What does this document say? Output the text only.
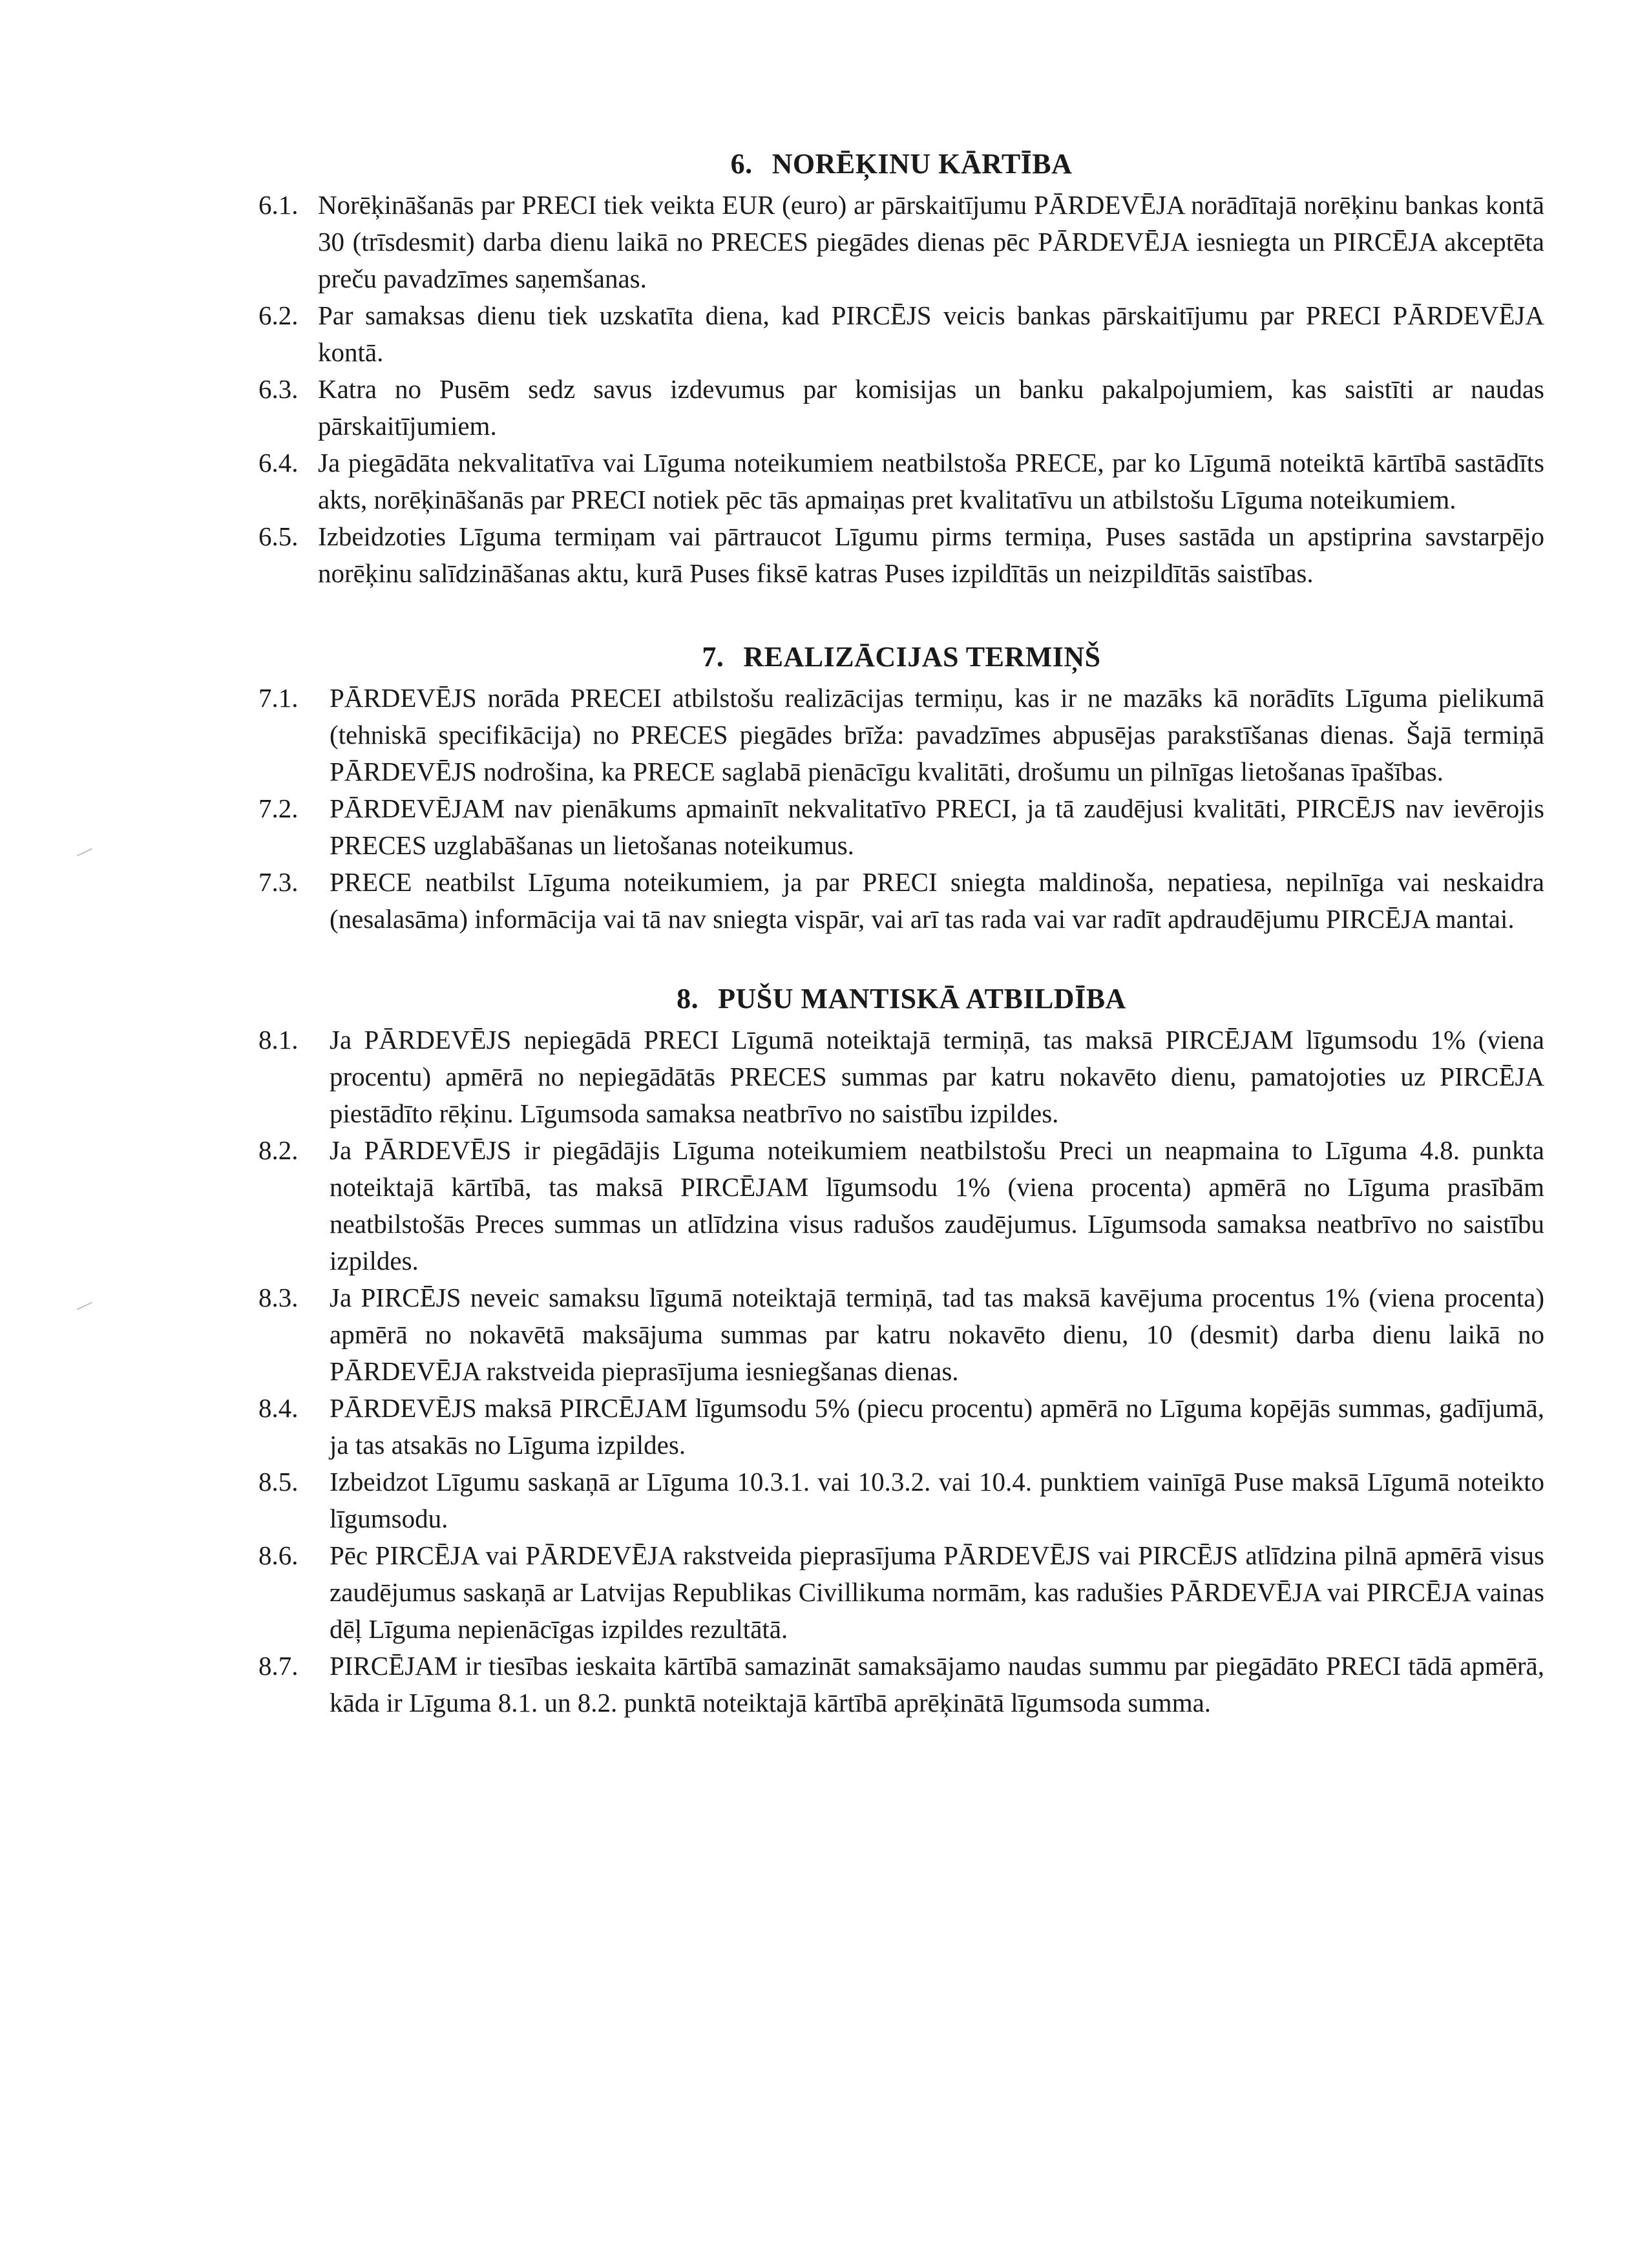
6. NORĒĶINU KĀRTĪBA
6.1. Norēķināšanās par PRECI tiek veikta EUR (euro) ar pārskaitījumu PĀRDEVĒJA norādītajā norēķinu bankas kontā 30 (trīsdesmit) darba dienu laikā no PRECES piegādes dienas pēc PĀRDEVĒJA iesniegta un PIRCĒJA akceptēta preču pavadzīmes saņemšanas.
6.2. Par samaksas dienu tiek uzskatīta diena, kad PIRCĒJS veicis bankas pārskaitījumu par PRECI PĀRDEVĒJA kontā.
6.3. Katra no Pusēm sedz savus izdevumus par komisijas un banku pakalpojumiem, kas saistīti ar naudas pārskaitījumiem.
6.4. Ja piegādāta nekvalitatīva vai Līguma noteikumiem neatbilstoša PRECE, par ko Līgumā noteiktā kārtībā sastādīts akts, norēķināšanās par PRECI notiek pēc tās apmaiņas pret kvalitatīvu un atbilstošu Līguma noteikumiem.
6.5. Izbeidzoties Līguma termiņam vai pārtraucot Līgumu pirms termiņa, Puses sastāda un apstiprina savstarpējo norēķinu salīdzināšanas aktu, kurā Puses fiksē katras Puses izpildītās un neizpildītās saistības.
7. REALIZĀCIJAS TERMIŅŠ
7.1.	PĀRDEVĒJS norāda PRECEI atbilstošu realizācijas termiņu, kas ir ne mazāks kā norādīts Līguma pielikumā (tehniskā specifikācija) no PRECES piegādes brīža: pavadzīmes abpusējas parakstīšanas dienas. Šajā termiņā PĀRDEVĒJS nodrošina, ka PRECE saglabā pienācīgu kvalitāti, drošumu un pilnīgas lietošanas īpašības.
7.2.	PĀRDEVĒJAM nav pienākums apmainīt nekvalitatīvo PRECI, ja tā zaudējusi kvalitāti, PIRCĒJS nav ievērojis PRECES uzglabāšanas un lietošanas noteikumus.
7.3.	PRECE neatbilst Līguma noteikumiem, ja par PRECI sniegta maldinoša, nepatiesa, nepilnīga vai neskaidra (nesalasāma) informācija vai tā nav sniegta vispār, vai arī tas rada vai var radīt apdraudējumu PIRCĒJA mantai.
8. PUŠU MANTISKĀ ATBILDĪBA
8.1.	Ja PĀRDEVĒJS nepiegādā PRECI Līgumā noteiktajā termiņā, tas maksā PIRCĒJAM līgumsodu 1% (viena procentu) apmērā no nepiegādātās PRECES summas par katru nokavēto dienu, pamatojoties uz PIRCĒJA piestādīto rēķinu. Līgumsoda samaksa neatbrīvo no saistību izpildes.
8.2.	Ja PĀRDEVĒJS ir piegādājis Līguma noteikumiem neatbilstošu Preci un neapmaina to Līguma 4.8. punkta noteiktajā kārtībā, tas maksā PIRCĒJAM līgumsodu 1% (viena procenta) apmērā no Līguma prasībām neatbilstošās Preces summas un atlīdzina visus radušos zaudējumus. Līgumsoda samaksa neatbrīvo no saistību izpildes.
8.3.	Ja PIRCĒJS neveic samaksu līgumā noteiktajā termiņā, tad tas maksā kavējuma procentus 1% (viena procenta) apmērā no nokavētā maksājuma summas par katru nokavēto dienu, 10 (desmit) darba dienu laikā no PĀRDEVĒJA rakstveida pieprasījuma iesniegšanas dienas.
8.4.	PĀRDEVĒJS maksā PIRCĒJAM līgumsodu 5% (piecu procentu) apmērā no Līguma kopējās summas, gadījumā, ja tas atsakās no Līguma izpildes.
8.5.	Izbeidzot Līgumu saskaņā ar Līguma 10.3.1. vai 10.3.2. vai 10.4. punktiem vainīgā Puse maksā Līgumā noteikto līgumsodu.
8.6.	Pēc PIRCĒJA vai PĀRDEVĒJA rakstveida pieprasījuma PĀRDEVĒJS vai PIRCĒJS atlīdzina pilnā apmērā visus zaudējumus saskaņā ar Latvijas Republikas Civillikuma normām, kas radušies PĀRDEVĒJA vai PIRCĒJA vainas dēļ Līguma nepienācīgas izpildes rezultātā.
8.7.	PIRCĒJAM ir tiesības ieskaita kārtībā samazināt samaksājamo naudas summu par piegādāto PRECI tādā apmērā, kāda ir Līguma 8.1. un 8.2. punktā noteiktajā kārtībā aprēķinātā līgumsoda summa.
